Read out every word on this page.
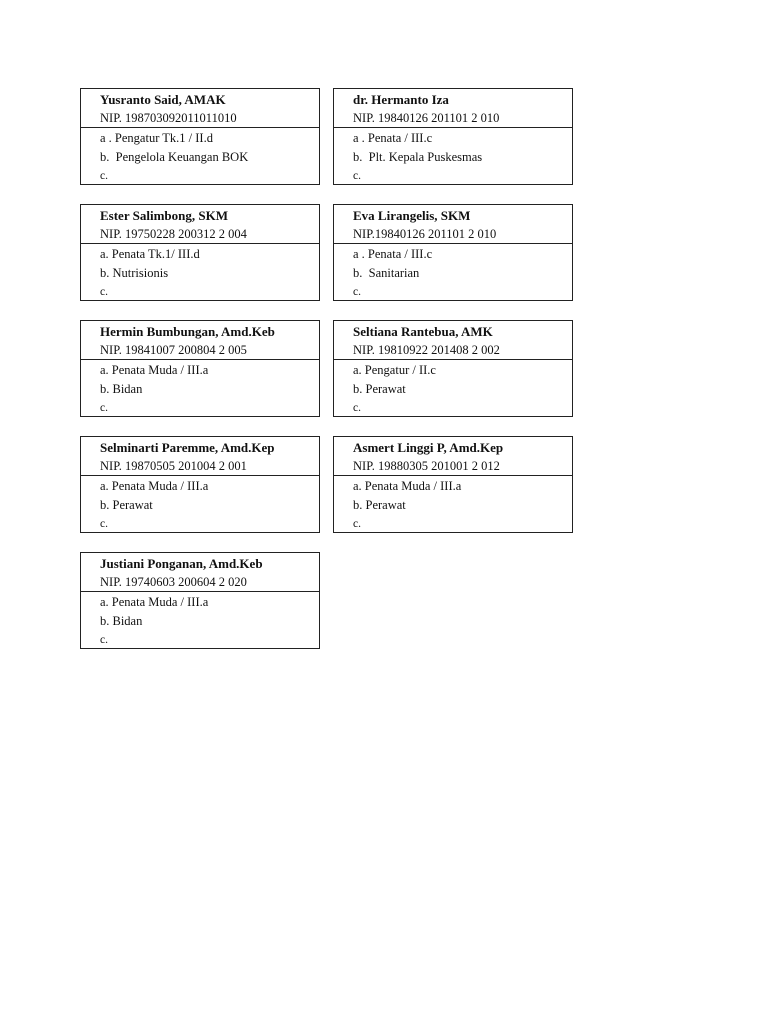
Yusranto Said, AMAK
NIP. 198703092011011010
a . Pengatur Tk.1 / II.d
b.  Pengelola Keuangan BOK
c.
dr. Hermanto Iza
NIP. 19840126 201101 2 010
a . Penata / III.c
b.  Plt. Kepala Puskesmas
c.
Ester Salimbong, SKM
NIP. 19750228 200312 2 004
a. Penata Tk.1/ III.d
b. Nutrisionis
c.
Eva Lirangelis, SKM
NIP.19840126 201101 2 010
a . Penata / III.c
b.  Sanitarian
c.
Hermin Bumbungan, Amd.Keb
NIP. 19841007 200804 2 005
a. Penata Muda / III.a
b. Bidan
c.
Seltiana Rantebua, AMK
NIP. 19810922 201408 2 002
a. Pengatur / II.c
b. Perawat
c.
Selminarti Paremme, Amd.Kep
NIP. 19870505 201004 2 001
a. Penata Muda / III.a
b. Perawat
c.
Asmert Linggi P, Amd.Kep
NIP. 19880305 201001 2 012
a. Penata Muda / III.a
b. Perawat
c.
Justiani Ponganan, Amd.Keb
NIP. 19740603 200604 2 020
a. Penata Muda / III.a
b. Bidan
c.
